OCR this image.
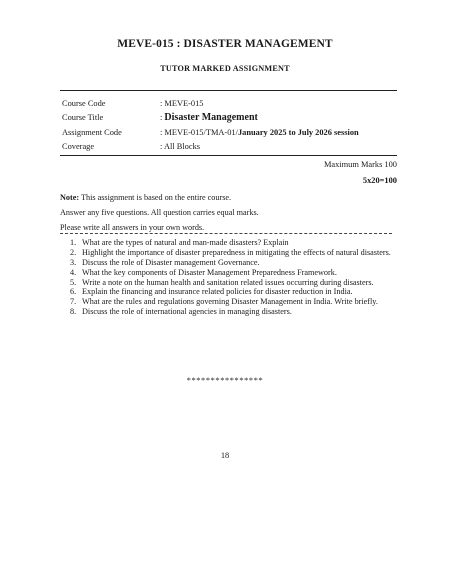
MEVE-015 : DISASTER MANAGEMENT
TUTOR MARKED ASSIGNMENT
Course Code	: MEVE-015
Course Title	: Disaster Management
Assignment Code	: MEVE-015/TMA-01/January 2025 to July 2026 session
Coverage	: All Blocks
Maximum Marks 100
5x20=100

Note: This assignment is based on the entire course.

Answer any five questions. All question carries equal marks.

Please write all answers in your own words.

1. What are the types of natural and man-made disasters? Explain
2. Highlight the importance of disaster preparedness in mitigating the effects of natural disasters.
3. Discuss the role of Disaster management Governance.
4. What the key components of Disaster Management Preparedness Framework.
5. Write a note on the human health and sanitation related issues occurring during disasters.
6. Explain the financing and insurance related policies for disaster reduction in India.
7. What are the rules and regulations governing Disaster Management in India. Write briefly.
8. Discuss the role of international agencies in managing disasters.
****************
18
